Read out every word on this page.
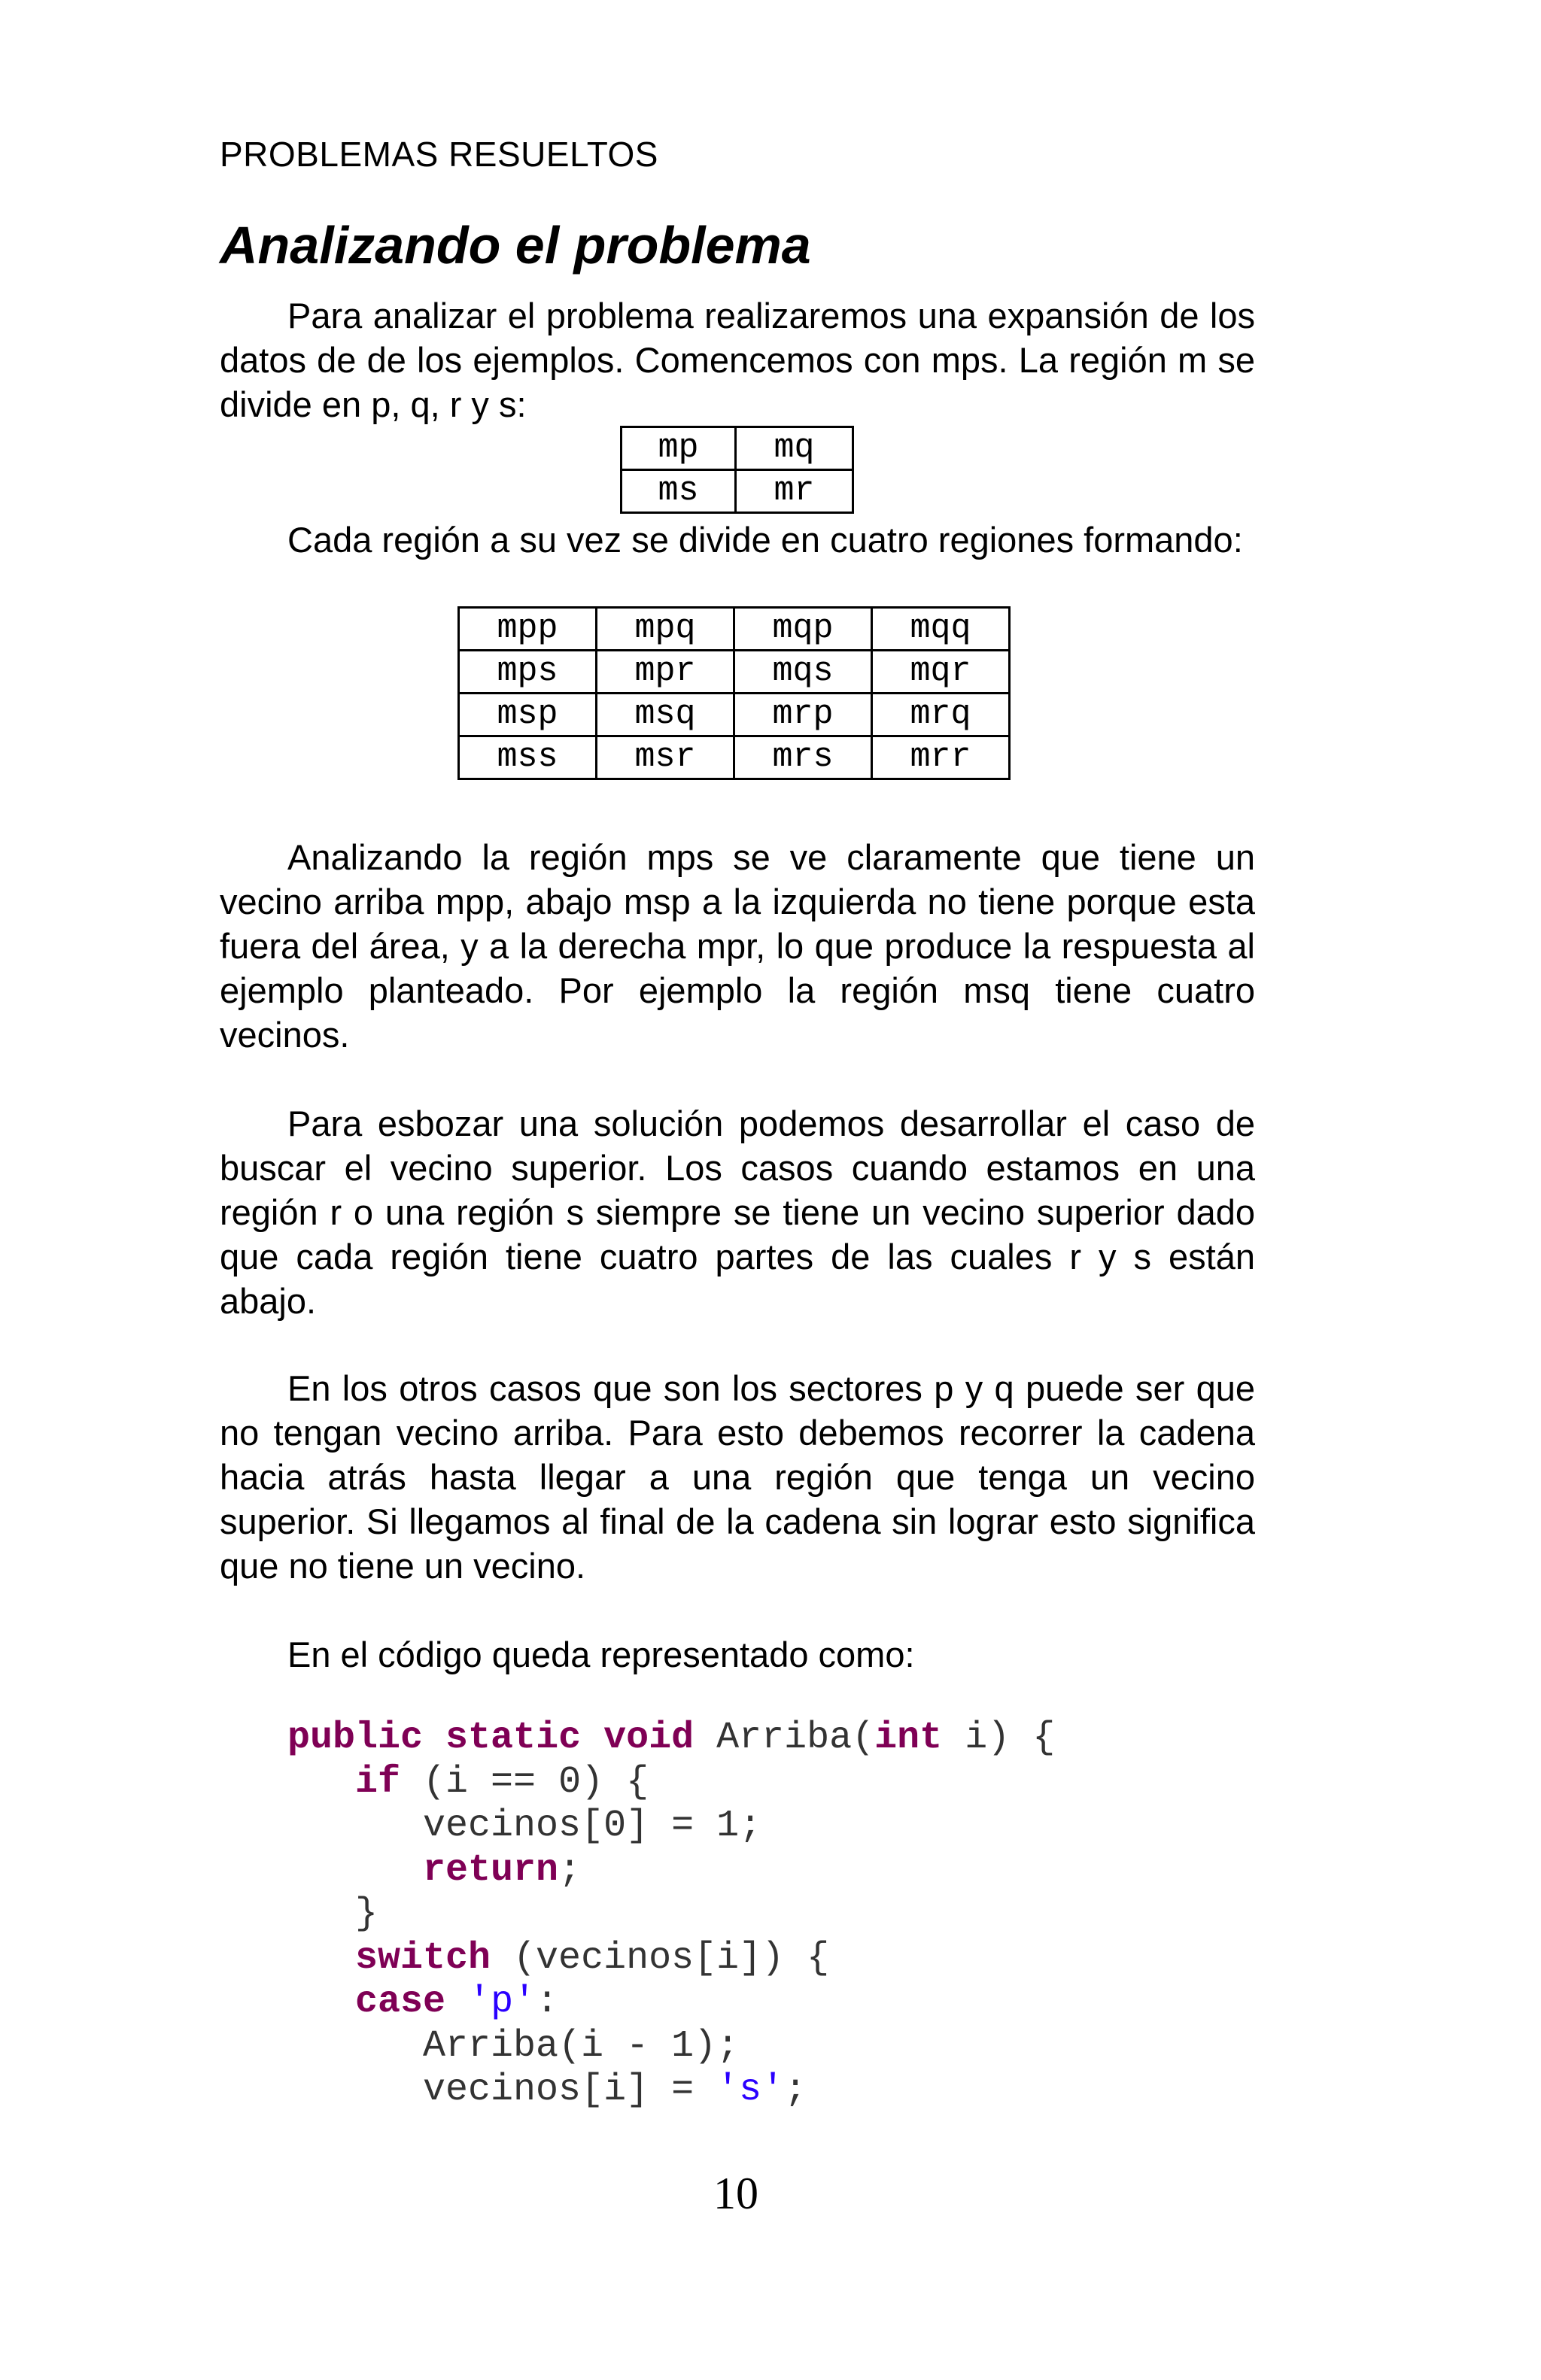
PROBLEMAS RESUELTOS
Analizando el problema

Para analizar el problema realizaremos una expansión de los datos de de los ejemplos. Comencemos con mps. La región m se divide en p, q, r y s:

mp	mq
ms	mr

Cada región a su vez se divide en cuatro regiones formando:

mpp	mpq	mqp	mqq
mps	mpr	mqs	mqr
msp	msq	mrp	mrq
mss	msr	mrs	mrr

Analizando la región mps se ve claramente que tiene un vecino arriba mpp, abajo msp a la izquierda no tiene porque esta fuera del área, y a la derecha mpr, lo que produce la respuesta al ejemplo planteado. Por ejemplo la región msq tiene cuatro vecinos.

Para esbozar una solución podemos desarrollar el caso de buscar el vecino superior. Los casos cuando estamos en una región r o una región s siempre se tiene un vecino superior dado que cada región tiene cuatro partes de las cuales r y s están abajo.

En los otros casos que son los sectores p y q puede ser que no tengan vecino arriba. Para esto debemos recorrer la cadena hacia atrás hasta llegar a una región que tenga un vecino superior. Si llegamos al final de la cadena sin lograr esto significa que no tiene un vecino.

En el código queda representado como:

public static void Arriba(int i) {
if (i == 0) {
vecinos[0] = 1;
return;
}
switch (vecinos[i]) {
case 'p':
Arriba(i - 1);
vecinos[i] = 's';
10
